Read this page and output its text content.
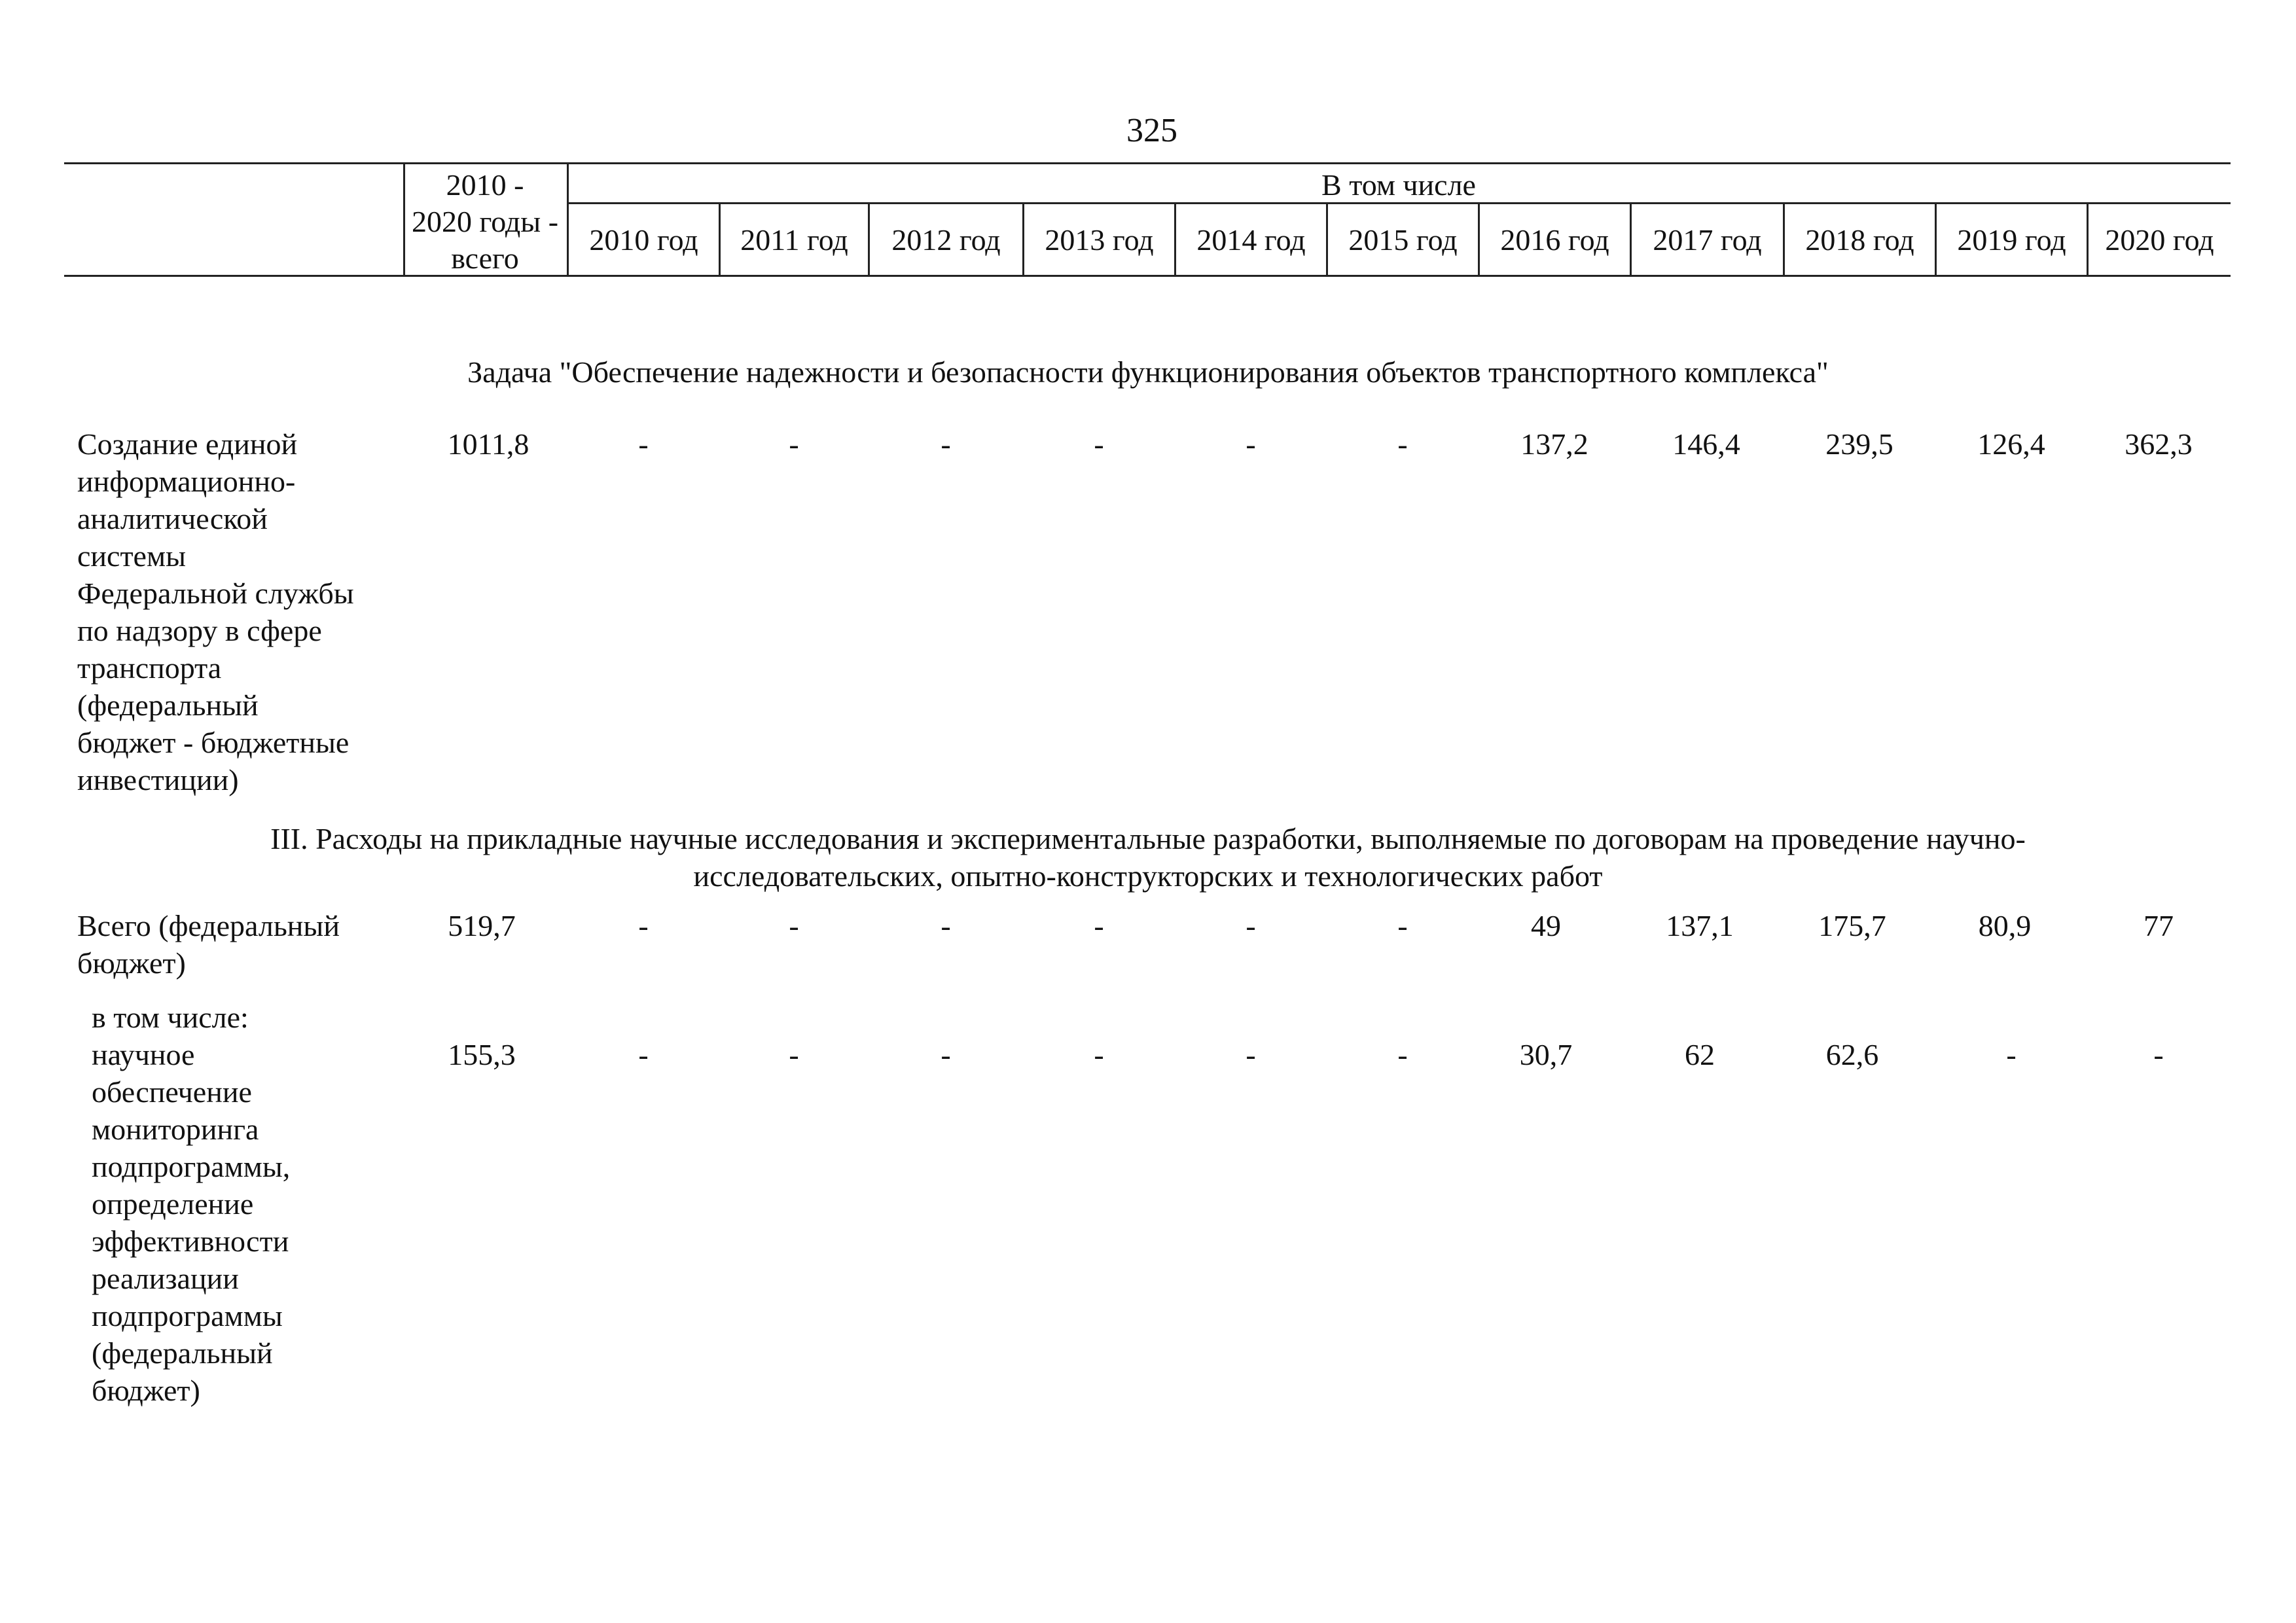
325
2010 -
2020 годы -
всего
В том числе
2010 год	2011 год	2012 год	2013 год	2014 год	2015 год	2016 год	2017 год	2018 год	2019 год	2020 год
Задача "Обеспечение надежности и безопасности функционирования объектов транспортного комплекса"
Создание единой
информационно-
аналитической
системы
Федеральной службы
по надзору в сфере
транспорта
(федеральный
бюджет - бюджетные
инвестиции)
1011,8	-	-	-	-	-	-	137,2	146,4	239,5	126,4	362,3
III. Расходы на прикладные научные исследования и экспериментальные разработки, выполняемые по договорам на проведение научно-
исследовательских, опытно-конструкторских и технологических работ
Всего (федеральный
бюджет)
519,7	-	-	-	-	-	-	49	137,1	175,7	80,9	77
в том числе:
научное
обеспечение
мониторинга
подпрограммы,
определение
эффективности
реализации
подпрограммы
(федеральный
бюджет)
155,3	-	-	-	-	-	-	30,7	62	62,6	-	-
